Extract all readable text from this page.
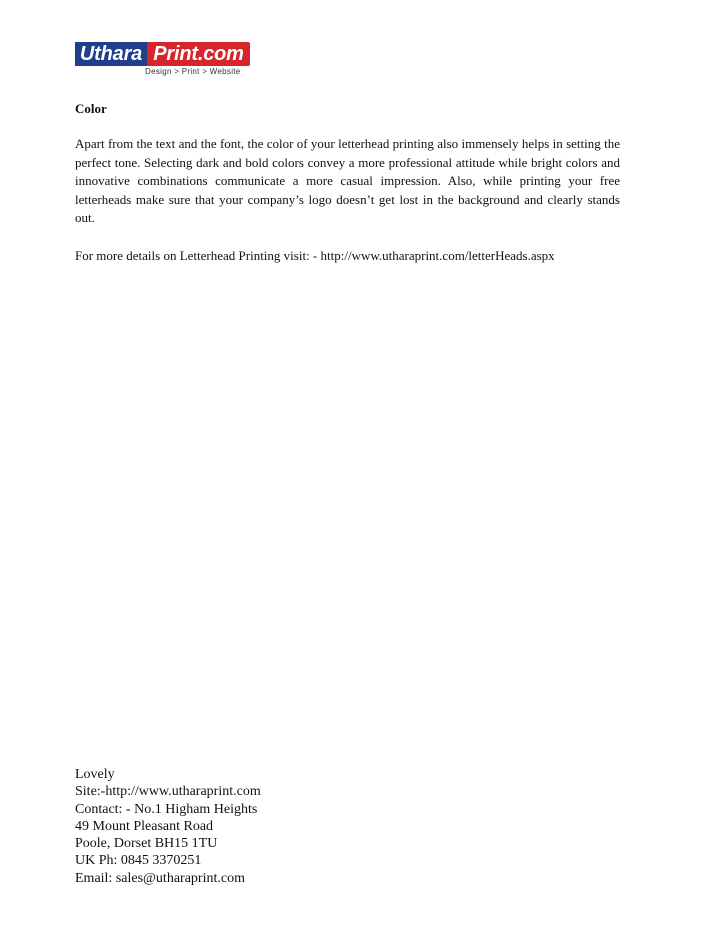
Uthara Print.com
Design > Print > Website

Color

Apart from the text and the font, the color of your letterhead printing also immensely helps in setting the perfect tone. Selecting dark and bold colors convey a more professional attitude while bright colors and innovative combinations communicate a more casual impression. Also, while printing your free letterheads make sure that your company’s logo doesn’t get lost in the background and clearly stands out.

For more details on Letterhead Printing visit: - http://www.utharaprint.com/letterHeads.aspx

Lovely
Site:-http://www.utharaprint.com
Contact: - No.1 Higham Heights
49 Mount Pleasant Road
Poole, Dorset BH15 1TU
UK Ph: 0845 3370251
Email: sales@utharaprint.com
